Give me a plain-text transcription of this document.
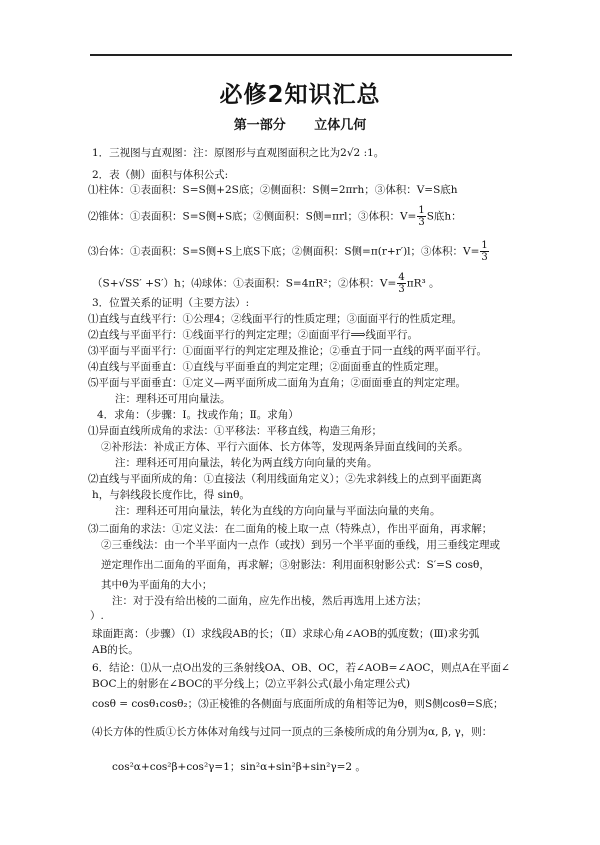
必修2知识汇总
第一部分 立体几何
1．三视图与直观图：注：原图形与直观图面积之比为2√2 :1。
2．表（侧）面积与体积公式:
⑴柱体：①表面积：S=S侧+2S底；②侧面积：S侧=2πrh；③体积：V=S底h
⑵锥体：①表面积：S=S侧+S底；②侧面积：S侧=πrl；③体积：$V= \frac{1}{3}$ S底h：
⑶台体：①表面积：S=S侧+S上底S下底；②侧面积：S侧=π(r+r′)l；③体积：$V= \frac{1}{3}$
（S+√SS′ +S′）h；⑷球体：①表面积：S=4πR²；②体积：$V= \frac{4}{3} \pi R^3$ 。
3．位置关系的证明（主要方法）:
⑴直线与直线平行：①公理4；②线面平行的性质定理；③面面平行的性质定理。
⑵直线与平面平行：①线面平行的判定定理；②面面平行⟹线面平行。
⑶平面与平面平行：①面面平行的判定定理及推论；②垂直于同一直线的两平面平行。
⑷直线与平面垂直：①直线与平面垂直的判定定理；②面面垂直的性质定理。
⑸平面与平面垂直：①定义—两平面所成二面角为直角；②面面垂直的判定定理。
注：理科还可用向量法。
4．求角：（步骤：Ⅰ。找或作角；Ⅱ。求角）
⑴异面直线所成角的求法：①平移法：平移直线，构造三角形；
②补形法：补成正方体、平行六面体、长方体等，发现两条异面直线间的关系。
注：理科还可用向量法，转化为两直线方向向量的夹角。
⑵直线与平面所成的角：①直接法（利用线面角定义）；②先求斜线上的点到平面距离
h，与斜线段长度作比，得 sinθ。
注：理科还可用向量法，转化为直线的方向向量与平面法向量的夹角。
⑶二面角的求法：①定义法：在二面角的棱上取一点（特殊点），作出平面角，再求解；
②三垂线法：由一个半平面内一点作（或找）到另一个半平面的垂线，用三垂线定理或
逆定理作出二面角的平面角，再求解；③射影法：利用面积射影公式：S′=S cosθ，
其中θ为平面角的大小；
注：对于没有给出棱的二面角，应先作出棱，然后再选用上述方法；
）.
球面距离：（步骤）（Ⅰ）求线段AB的长；（Ⅱ）求球心角∠AOB的弧度数；(Ⅲ)求劣弧
AB的长。
6．结论：⑴从一点O出发的三条射线OA、OB、OC，若∠AOB=∠AOC，则点A在平面∠
BOC上的射影在∠BOC的平分线上；⑵立平斜公式(最小角定理公式)
cosθ = cosθ₁cosθ₂；⑶正棱锥的各侧面与底面所成的角相等记为θ，则S侧cosθ=S底；
⑷长方体的性质①长方体体对角线与过同一顶点的三条棱所成的角分别为α, β, γ，则：
cos²α+cos²β+cos²γ=1；sin²α+sin²β+sin²γ=2 。
